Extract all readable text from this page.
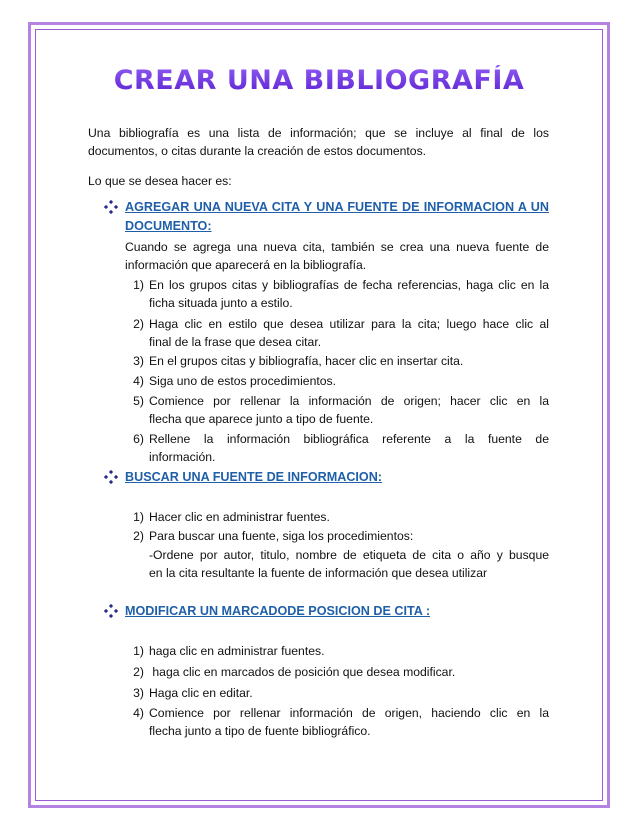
CREAR UNA BIBLIOGRAFÍA
Una bibliografía es una lista de información; que se incluye al final de los
documentos, o citas durante la creación de estos documentos.
Lo que se desea hacer es:
AGREGAR UNA NUEVA CITA Y UNA FUENTE DE INFORMACION A UN
DOCUMENTO:
Cuando se agrega una nueva cita, también se crea una nueva fuente de
información que aparecerá en la bibliografía.
1) En los grupos citas y bibliografías de fecha referencias, haga clic en la
ficha situada junto a estilo.
2) Haga clic en estilo que desea utilizar para la cita; luego hace clic al
final de la frase que desea citar.
3) En el grupos citas y bibliografía, hacer clic en insertar cita.
4) Siga uno de estos procedimientos.
5) Comience por rellenar la información de origen; hacer clic en la
flecha que aparece junto a tipo de fuente.
6) Rellene la información bibliográfica referente a la fuente de
información.
BUSCAR UNA FUENTE DE INFORMACION:
1) Hacer clic en administrar fuentes.
2) Para buscar una fuente, siga los procedimientos:
-Ordene por autor, titulo, nombre de etiqueta de cita o año y busque
en la cita resultante la fuente de información que desea utilizar
MODIFICAR UN MARCADODE POSICION DE CITA :
1) haga clic en administrar fuentes.
2) haga clic en marcados de posición que desea modificar.
3) Haga clic en editar.
4) Comience por rellenar información de origen, haciendo clic en la
flecha junto a tipo de fuente bibliográfico.
